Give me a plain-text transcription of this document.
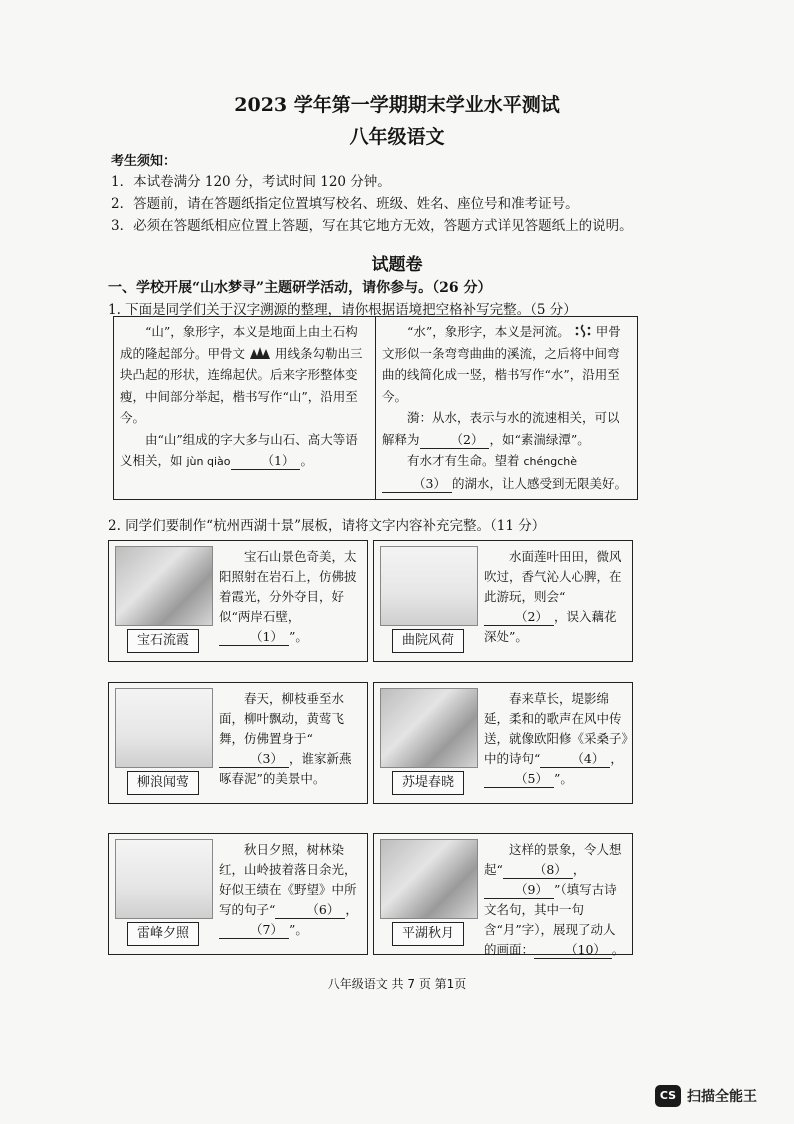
2023 学年第一学期期末学业水平测试
八年级语文
考生须知：
1．本试卷满分 120 分，考试时间 120 分钟。
2．答题前，请在答题纸指定位置填写校名、班级、姓名、座位号和准考证号。
3．必须在答题纸相应位置上答题，写在其它地方无效，答题方式详见答题纸上的说明。
试题卷
一、学校开展“山水梦寻”主题研学活动，请你参与。（26 分）
1. 下面是同学们关于汉字溯源的整理，请你根据语境把空格补写完整。（5 分）

“山”，象形字，本义是地面上由土石构成的隆起部分。甲骨文 用线条勾勒出三块凸起的形状，连绵起伏。后来字形整体变瘦，中间部分举起，楷书写作“山”，沿用至今。

由“山”组成的字大多与山石、高大等语义相关，如 jùn qiào （1） 。

“水”，象形字，本义是河流。 甲骨文形似一条弯弯曲曲的溪流，之后将中间弯曲的线简化成一竖，楷书写作“水”，沿用至今。

漪：从水，表示与水的流速相关，可以解释为 （2） ，如“素湍绿潭”。

有水才有生命。望着 chéngchè（3） 的湖水，让人感受到无限美好。

2. 同学们要制作“杭州西湖十景”展板，请将文字内容补充完整。（11 分）
宝石流霞

宝石山景色奇美，太阳照射在岩石上，仿佛披着霞光，分外夺目，好似“两岸石壁，（1） ”。	曲院风荷

水面莲叶田田，微风吹过，香气沁人心脾，在此游玩，则会“（2） ，误入藕花深处”。

柳浪闻莺

春天，柳枝垂至水面，柳叶飘动，黄莺飞舞，仿佛置身于“（3） ，谁家新燕啄春泥”的美景中。	苏堤春晓

春来草长，堤影绵延，柔和的歌声在风中传送，就像欧阳修《采桑子》中的诗句“ （4） ，（5） ”。

雷峰夕照

秋日夕照，树林染红，山岭披着落日余光，好似王绩在《野望》中所写的句子“ （6） ，（7） ”。	平湖秋月

这样的景象，令人想起“ （8） ，（9） ”（填写古诗文名句，其中一句含“月”字），展现了动人的画面： （10） 。

八年级语文 共 7 页 第1页
CS 扫描全能王
